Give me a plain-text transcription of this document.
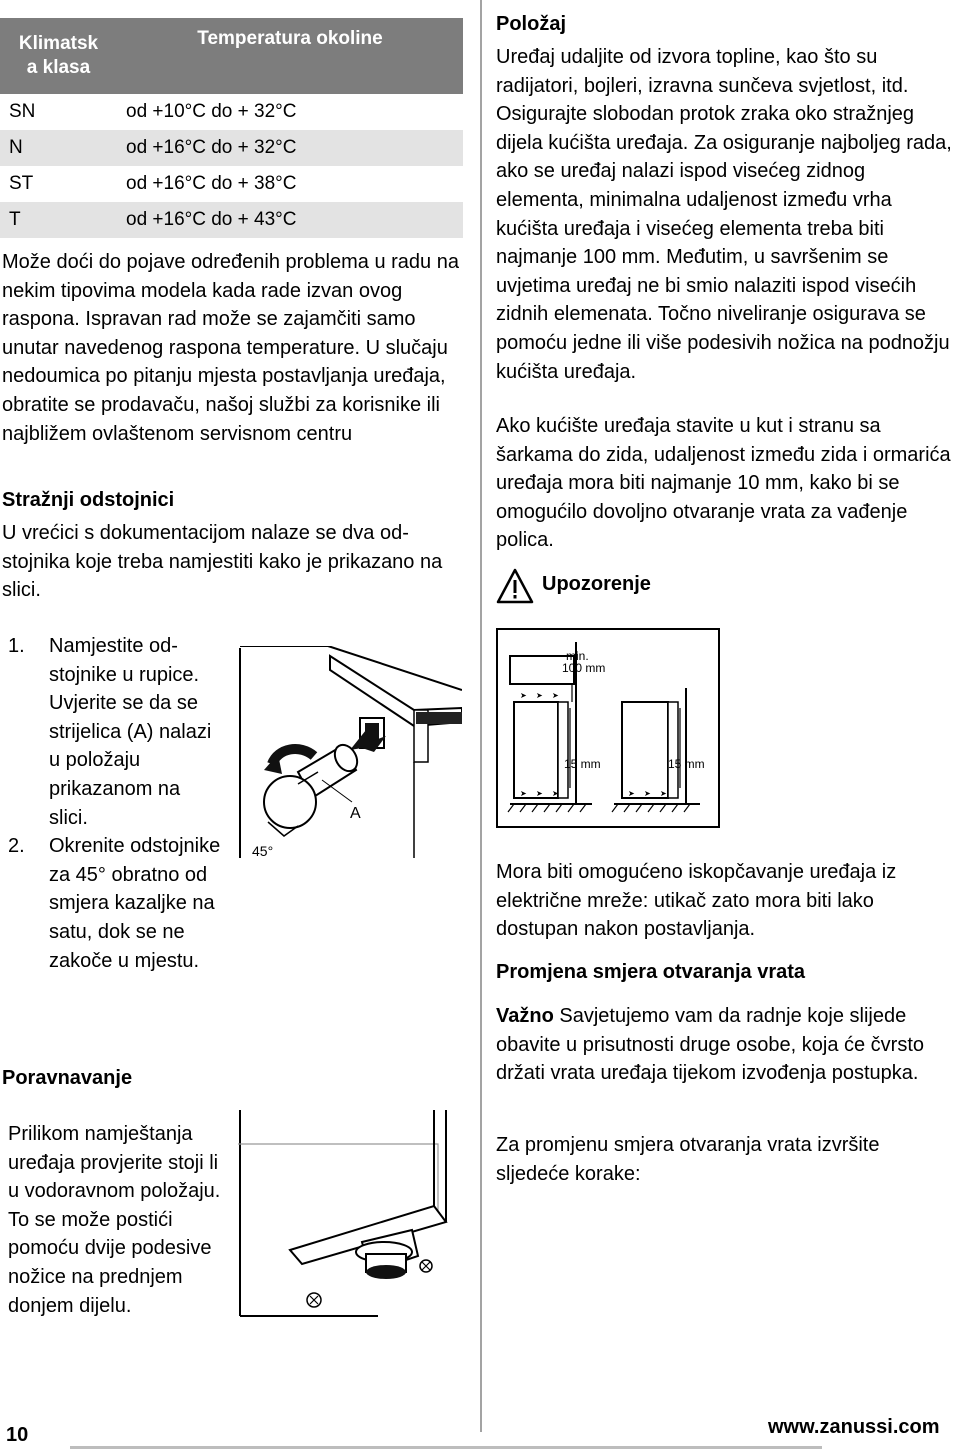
Klimatsk
a klasa	Temperatura okoline
SN	od +10°C do + 32°C
N	od +16°C do + 32°C
ST	od +16°C do + 38°C
T	od +16°C do + 43°C
Može doći do pojave određenih problema u radu na nekim tipovima modela kada rade izvan ovog raspona. Ispravan rad može se zajamčiti samo unutar navedenog raspona temperature. U slučaju nedoumica po pitanju mjesta postavljanja uređaja, obratite se prodavaču, našoj službi za korisnike ili najbližem ovlaštenom servisnom centru
Stražnji odstojnici
U vrećici s dokumentacijom nalaze se dva odstojnika koje treba namjestiti kako je prikazano na slici.
1. Namjestite odstojnike u rupice. Uvjerite se da se strijelica (A) nalazi u položaju prikazanom na slici.
2. Okrenite odstojnike za 45° obratno od smjera kazaljke na satu, dok se ne zakoče u mjestu.
A
45°
Poravnavanje
Prilikom namještanja uređaja provjerite stoji li u vodoravnom položaju. To se može postići pomoću dvije podesive nožice na prednjem donjem dijelu.
Položaj
Uređaj udaljite od izvora topline, kao što su radijatori, bojleri, izravna sunčeva svjetlost, itd. Osigurajte slobodan protok zraka oko stražnjeg dijela kućišta uređaja. Za osiguranje najboljeg rada, ako se uređaj nalazi ispod visećeg zidnog elementa, minimalna udaljenost između vrha kućišta uređaja i visećeg elementa treba biti najmanje 100 mm. Međutim, u savršenim se uvjetima uređaj ne bi smio nalaziti ispod visećih zidnih elemenata. Točno niveliranje osigurava se pomoću jedne ili više podesivih nožica na podnožju kućišta uređaja.
Ako kućište uređaja stavite u kut i stranu sa šarkama do zida, udaljenost između zida i ormarića uređaja mora biti najmanje 10 mm, kako bi se omogućilo dovoljno otvaranje vrata za vađenje polica.
Upozorenje
➤ ➤ ➤
➤ ➤ ➤	➤ ➤ ➤
min.
100 mm
15 mm	15 mm
Mora biti omogućeno iskopčavanje uređaja iz električne mreže: utikač zato mora biti lako dostupan nakon postavljanja.
Promjena smjera otvaranja vrata
Važno Savjetujemo vam da radnje koje slijede obavite u prisutnosti druge osobe, koja će čvrsto držati vrata uređaja tijekom izvođenja postupka.
Za promjenu smjera otvaranja vrata izvršite sljedeće korake:
10	www.zanussi.com
